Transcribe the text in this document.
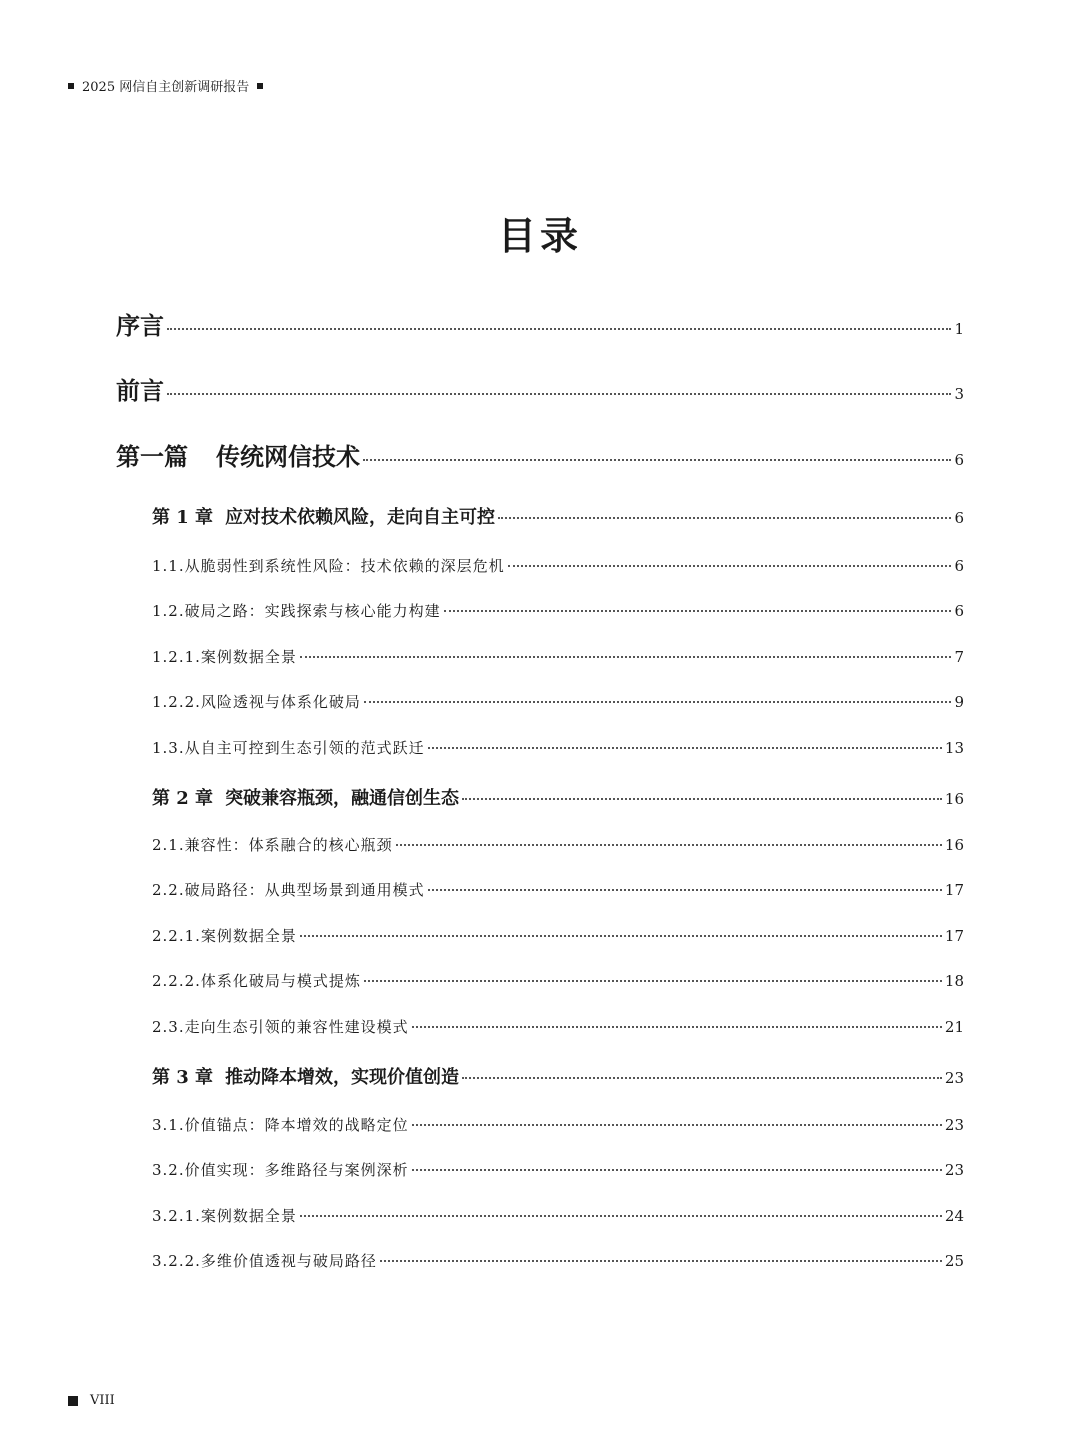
2025 网信自主创新调研报告
目录
序言	1
前言	3
第一篇 传统网信技术	6
第 1 章 应对技术依赖风险，走向自主可控	6
1.1.从脆弱性到系统性风险：技术依赖的深层危机	6
1.2.破局之路：实践探索与核心能力构建	6
1.2.1.案例数据全景	7
1.2.2.风险透视与体系化破局	9
1.3.从自主可控到生态引领的范式跃迁	13
第 2 章 突破兼容瓶颈，融通信创生态	16
2.1.兼容性：体系融合的核心瓶颈	16
2.2.破局路径：从典型场景到通用模式	17
2.2.1.案例数据全景	17
2.2.2.体系化破局与模式提炼	18
2.3.走向生态引领的兼容性建设模式	21
第 3 章 推动降本增效，实现价值创造	23
3.1.价值锚点：降本增效的战略定位	23
3.2.价值实现：多维路径与案例深析	23
3.2.1.案例数据全景	24
3.2.2.多维价值透视与破局路径	25
VIII
